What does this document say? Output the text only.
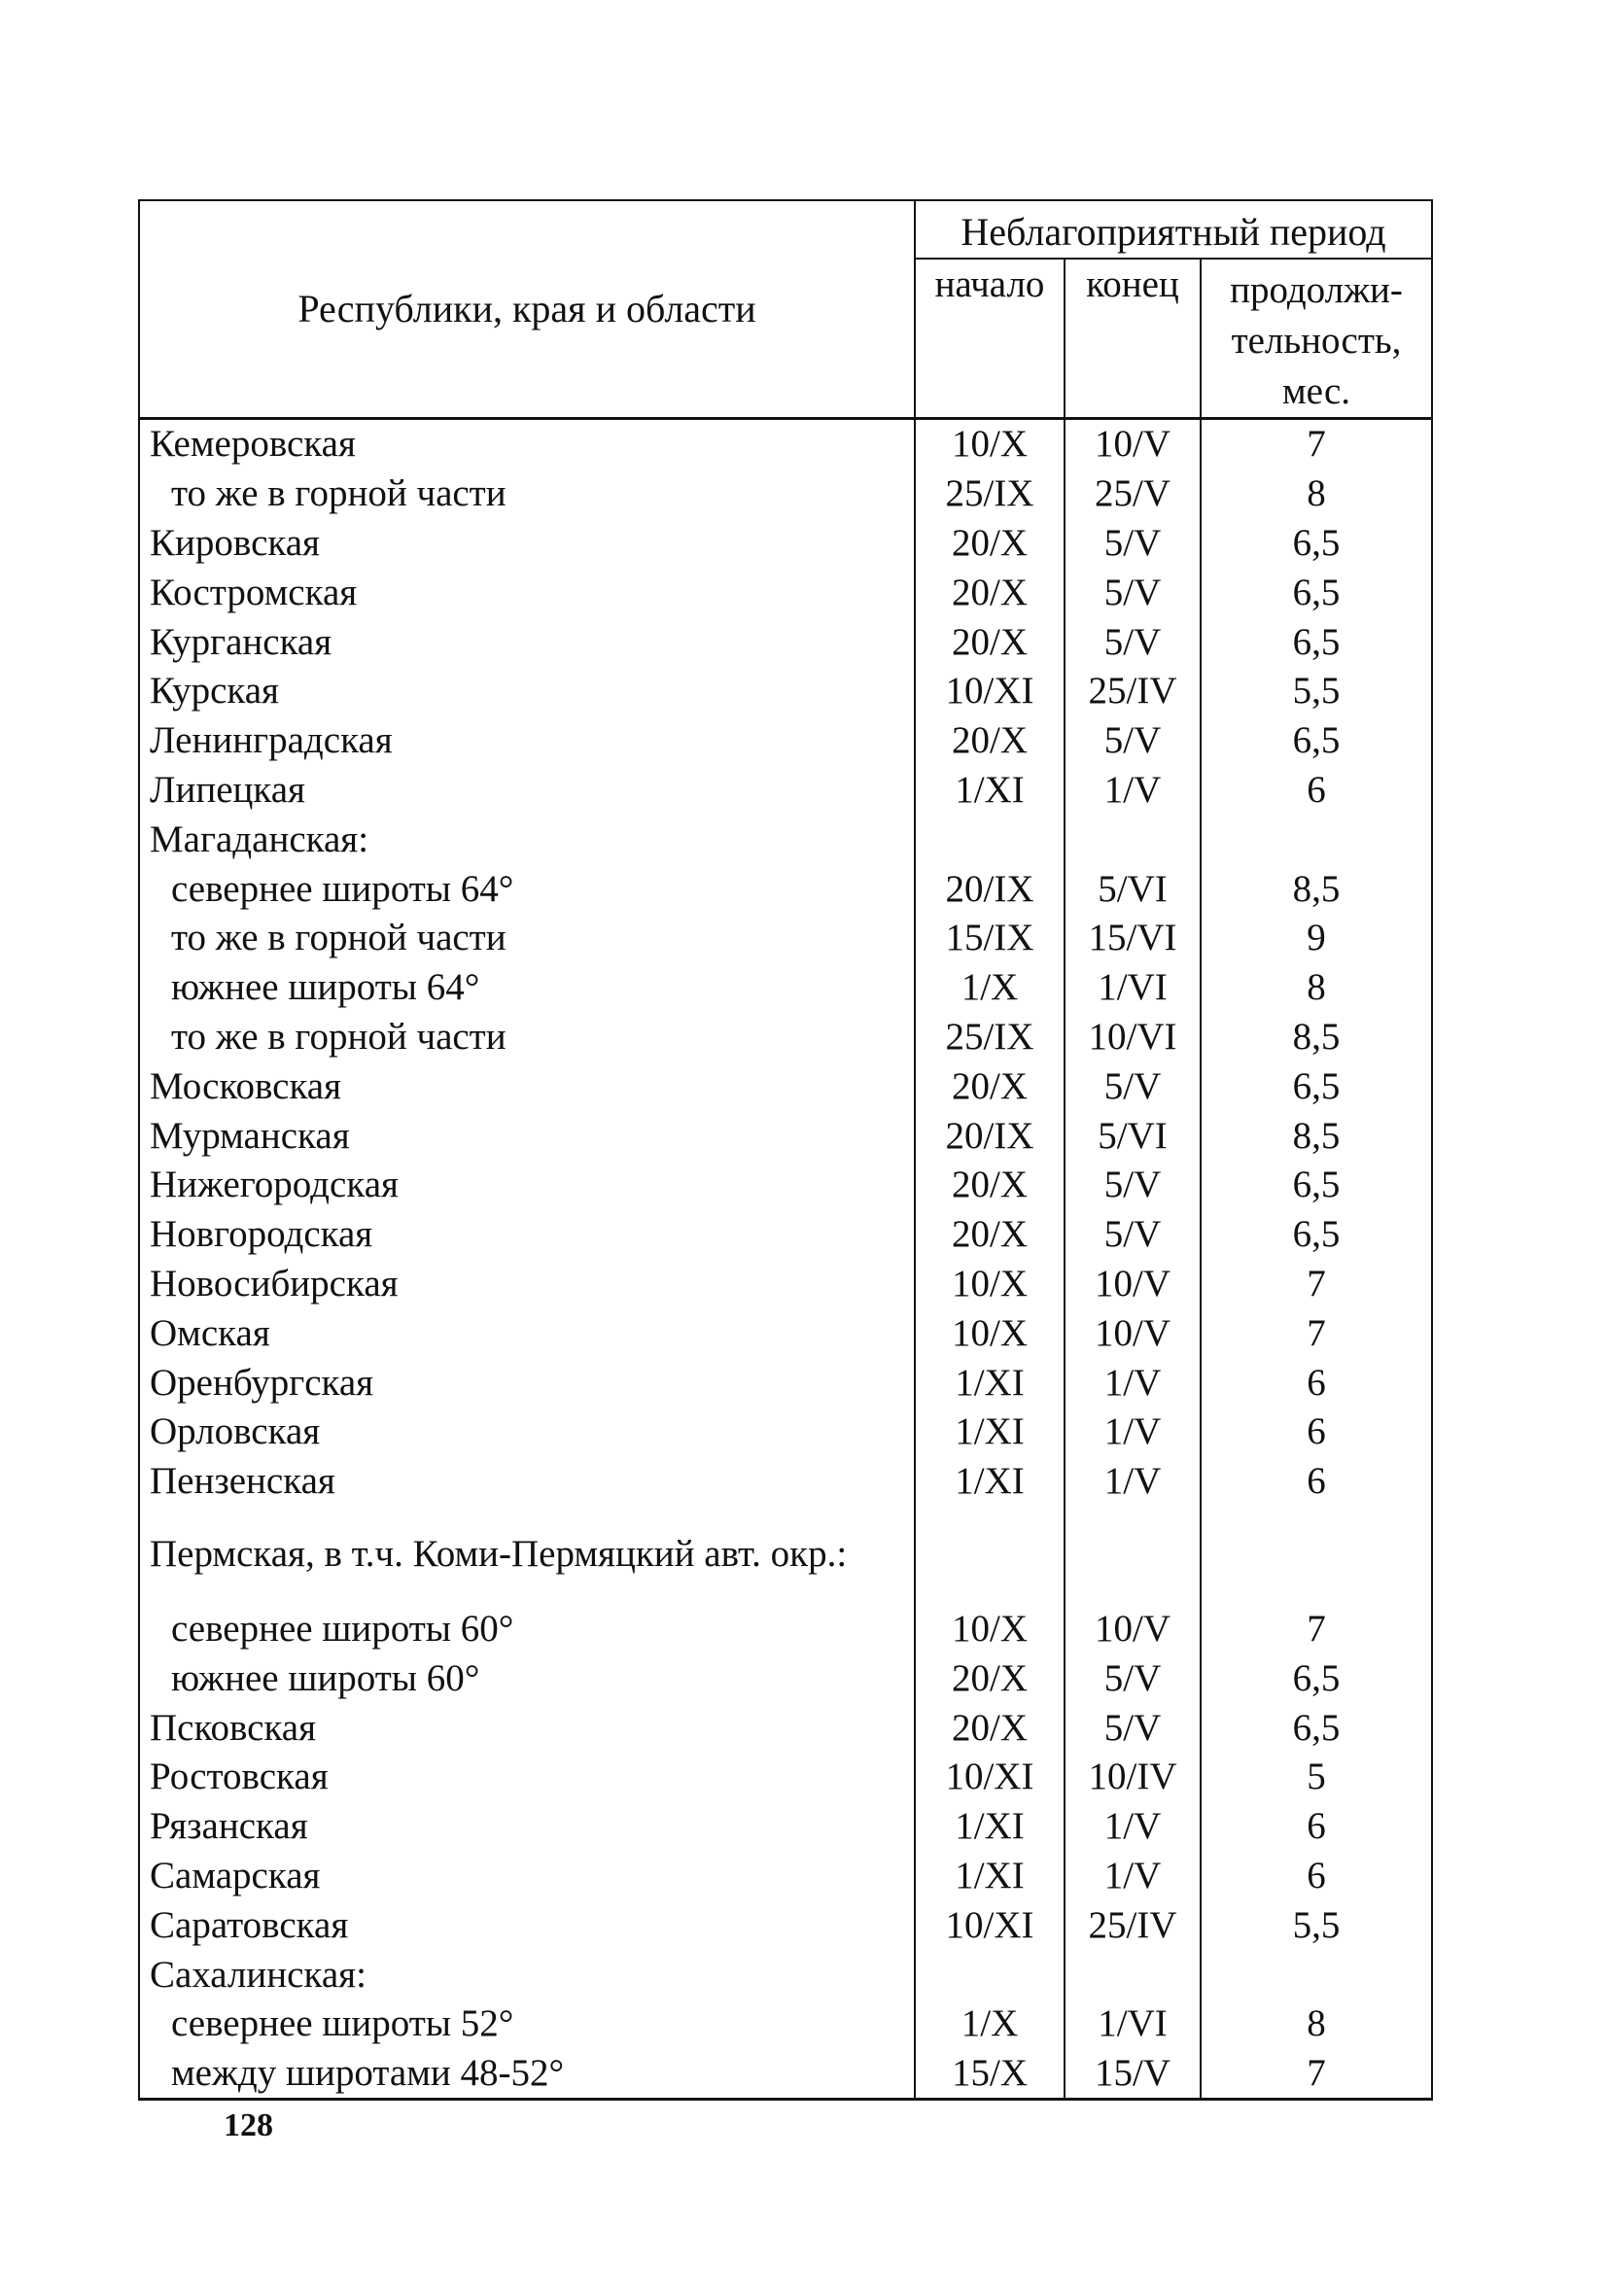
Республики, края и области	Неблагоприятный период		
	начало	конец	продолжи-тельность, мес.
Кемеровская	10/X	10/V	7
то же в горной части	25/IX	25/V	8
Кировская	20/X	5/V	6,5
Костромская	20/X	5/V	6,5
Курганская	20/X	5/V	6,5
Курская	10/XI	25/IV	5,5
Ленинградская	20/X	5/V	6,5
Липецкая	1/XI	1/V	6
Магаданская:			
севернее широты 64°	20/IX	5/VI	8,5
то же в горной части	15/IX	15/VI	9
южнее широты 64°	1/X	1/VI	8
то же в горной части	25/IX	10/VI	8,5
Московская	20/X	5/V	6,5
Мурманская	20/IX	5/VI	8,5
Нижегородская	20/X	5/V	6,5
Новгородская	20/X	5/V	6,5
Новосибирская	10/X	10/V	7
Омская	10/X	10/V	7
Оренбургская	1/XI	1/V	6
Орловская	1/XI	1/V	6
Пензенская	1/XI	1/V	6
Пермская, в т.ч. Коми-Пермяцкий авт. окр.:			
севернее широты 60°	10/X	10/V	7
южнее широты 60°	20/X	5/V	6,5
Псковская	20/X	5/V	6,5
Ростовская	10/XI	10/IV	5
Рязанская	1/XI	1/V	6
Самарская	1/XI	1/V	6
Саратовская	10/XI	25/IV	5,5
Сахалинская:			
севернее широты 52°	1/X	1/VI	8
между широтами 48-52°	15/X	15/V	7
128
